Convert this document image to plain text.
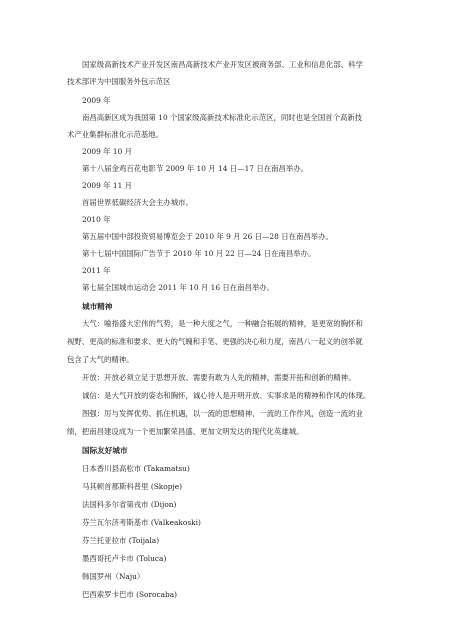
国家级高新技术产业开发区南昌高新技术产业开发区被商务部、工业和信息化部、科学
技术部评为中国服务外包示范区
2009 年
南昌高新区成为我国第 10 个国家级高新技术标准化示范区，同时也是全国首个高新技
术产业集群标准化示范基地。
2009 年 10 月
第十八届金鸡百花电影节 2009 年 10 月 14 日—17 日在南昌举办。
2009 年 11 月
首届世界低碳经济大会主办城市。
2010 年
第五届中国中部投资贸易博览会于 2010 年 9 月 26 日—28 日在南昌举办。
第十七届中国国际广告节于 2010 年 10 月 22 日—24 日在南昌举办。
2011 年
第七届全国城市运动会 2011 年 10 月 16 日在南昌举办。
城市精神
大气：喻指盛大宏伟的气势，是一种大度之气，一种融合拓展的精神，是更宽的胸怀和
视野、更高的标准和要求、更大的气魄和手笔、更强的决心和力度，南昌八一起义的创举就
包含了大气的精神。
开放：开放必须立足于思想开放、需要有敢为人先的精神，需要开拓和创新的精神。
诚信：是大气开放的姿态和胸怀，诚心待人是开明开放、实事求是的精神和作风的体现。
图强：厉与发挥优势、抓住机遇，以一流的思想精神、一流的工作作风，创造一流的业
绩，把南昌建设成为一个更加繁荣昌盛、更加文明发达的现代化英雄城。
国际友好城市
日本香川县高松市 (Takamatsu)
马其顿首都斯科普里 (Skopje)
法国科多尔省第戎市 (Dijon)
芬兰瓦尔济考斯基市 (Valkeakoski)
芬兰托亚拉市 (Toijala)
墨西哥托卢卡市 (Toluca)
韩国罗州（Naju）
巴西索罗卡巴市 (Sorocaba)
